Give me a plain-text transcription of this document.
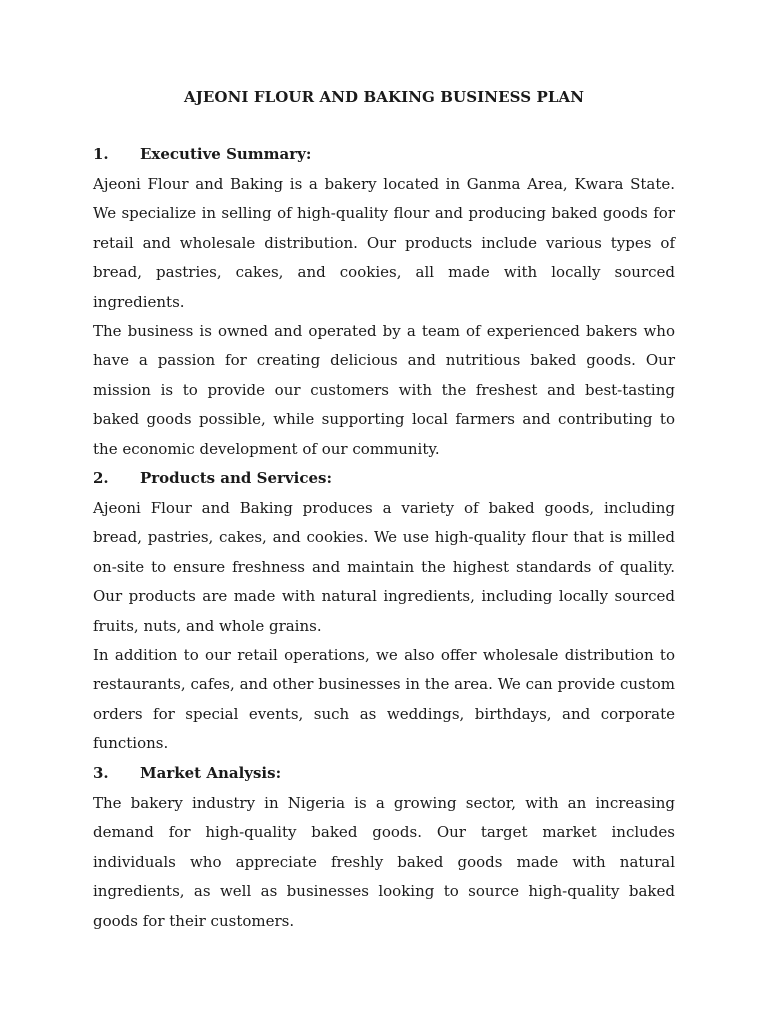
AJEONI FLOUR AND BAKING BUSINESS PLAN
1. Executive Summary:

Ajeoni Flour and Baking is a bakery located in Ganma Area, Kwara State. We specialize in selling of high-quality flour and producing baked goods for retail and wholesale distribution. Our products include various types of bread, pastries, cakes, and cookies, all made with locally sourced ingredients.

The business is owned and operated by a team of experienced bakers who have a passion for creating delicious and nutritious baked goods. Our mission is to provide our customers with the freshest and best-tasting baked goods possible, while supporting local farmers and contributing to the economic development of our community.

2. Products and Services:

Ajeoni Flour and Baking produces a variety of baked goods, including bread, pastries, cakes, and cookies. We use high-quality flour that is milled on-site to ensure freshness and maintain the highest standards of quality. Our products are made with natural ingredients, including locally sourced fruits, nuts, and whole grains.

In addition to our retail operations, we also offer wholesale distribution to restaurants, cafes, and other businesses in the area. We can provide custom orders for special events, such as weddings, birthdays, and corporate functions.

3. Market Analysis:

The bakery industry in Nigeria is a growing sector, with an increasing demand for high-quality baked goods. Our target market includes individuals who appreciate freshly baked goods made with natural ingredients, as well as businesses looking to source high-quality baked goods for their customers.
